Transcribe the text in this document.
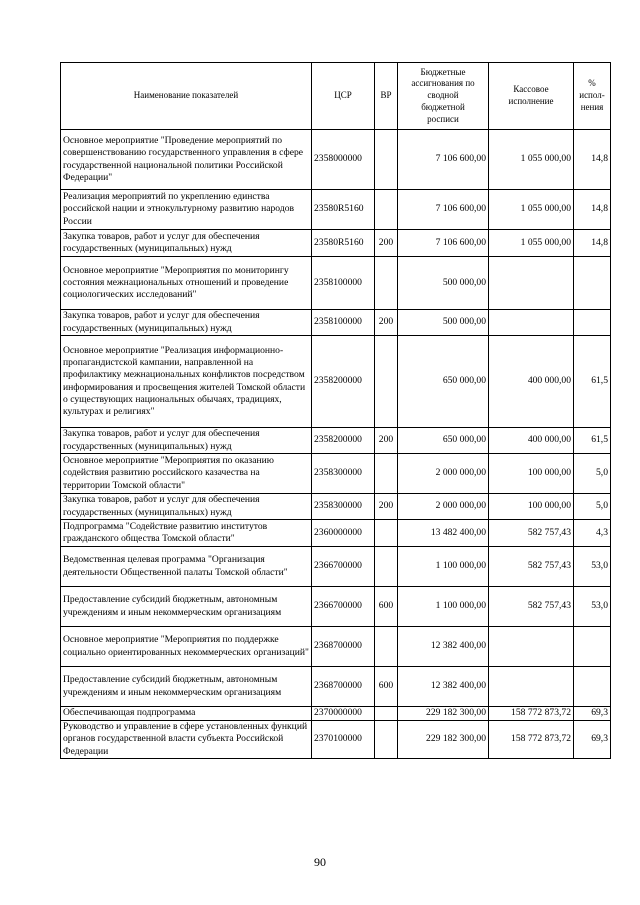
Наименование показателей	ЦСР	ВР	Бюджетные ассигнования по сводной бюджетной росписи	Кассовое исполнение	% испол-нения
Основное мероприятие "Проведение мероприятий по совершенствованию государственного управления в сфере государственной национальной политики Российской Федерации"	2358000000		7 106 600,00	1 055 000,00	14,8
Реализация мероприятий по укреплению единства российской нации и этнокультурному развитию народов России	23580R5160		7 106 600,00	1 055 000,00	14,8
Закупка товаров, работ и услуг для обеспечения государственных (муниципальных) нужд	23580R5160	200	7 106 600,00	1 055 000,00	14,8
Основное мероприятие "Мероприятия по мониторингу состояния межнациональных отношений и проведение социологических исследований"	2358100000		500 000,00		
Закупка товаров, работ и услуг для обеспечения государственных (муниципальных) нужд	2358100000	200	500 000,00		
Основное мероприятие "Реализация информационно-пропагандистской кампании, направленной на профилактику межнациональных конфликтов посредством информирования и просвещения жителей Томской области о существующих национальных обычаях, традициях, культурах и религиях"	2358200000		650 000,00	400 000,00	61,5
Закупка товаров, работ и услуг для обеспечения государственных (муниципальных) нужд	2358200000	200	650 000,00	400 000,00	61,5
Основное мероприятие "Мероприятия по оказанию содействия развитию российского казачества на территории Томской области"	2358300000		2 000 000,00	100 000,00	5,0
Закупка товаров, работ и услуг для обеспечения государственных (муниципальных) нужд	2358300000	200	2 000 000,00	100 000,00	5,0
Подпрограмма "Содействие развитию институтов гражданского общества Томской области"	2360000000		13 482 400,00	582 757,43	4,3
Ведомственная целевая программа "Организация деятельности Общественной палаты Томской области"	2366700000		1 100 000,00	582 757,43	53,0
Предоставление субсидий бюджетным, автономным учреждениям и иным некоммерческим организациям	2366700000	600	1 100 000,00	582 757,43	53,0
Основное мероприятие "Мероприятия по поддержке социально ориентированных некоммерческих организаций"	2368700000		12 382 400,00		
Предоставление субсидий бюджетным, автономным учреждениям и иным некоммерческим организациям	2368700000	600	12 382 400,00		
Обеспечивающая подпрограмма	2370000000		229 182 300,00	158 772 873,72	69,3
Руководство и управление в сфере установленных функций органов государственной власти субъекта Российской Федерации	2370100000		229 182 300,00	158 772 873,72	69,3
90
